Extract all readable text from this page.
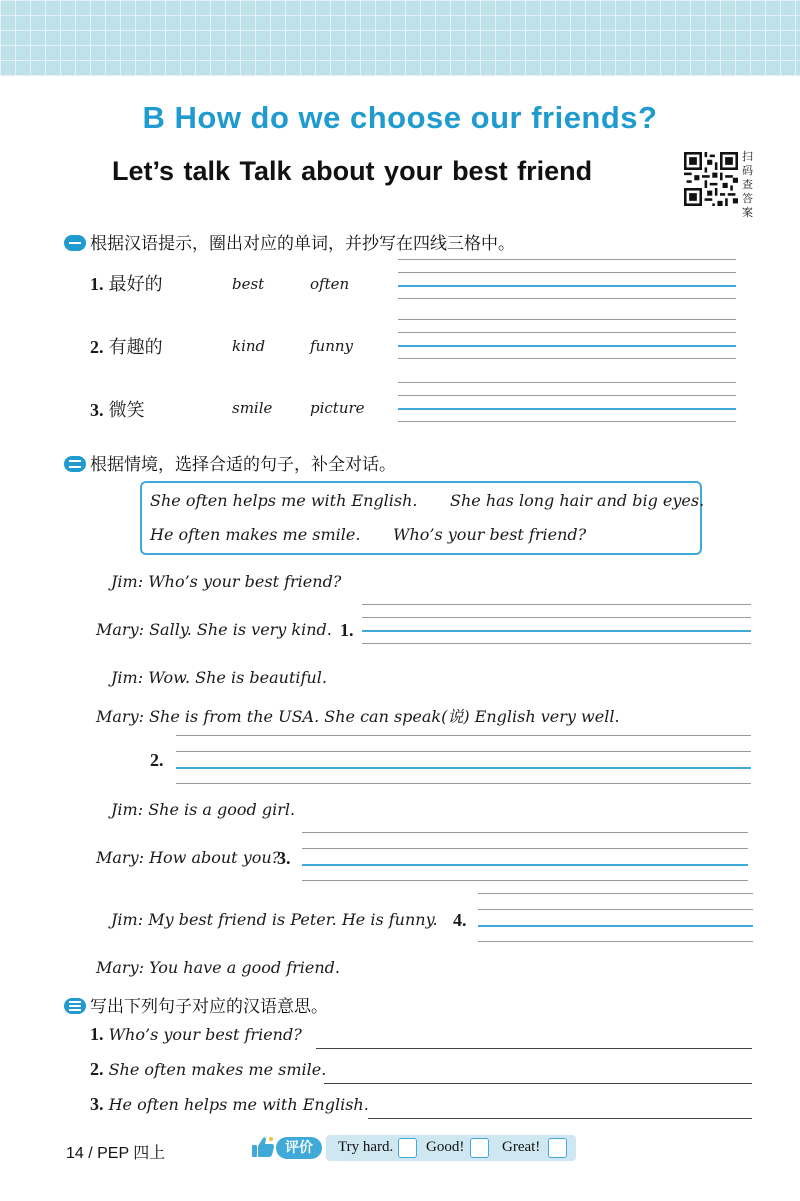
B How do we choose our friends?
Let’s talk Talk about your best friend	扫码查答案
根据汉语提示，圈出对应的单词，并抄写在四线三格中。
1. 最好的	best	often
2. 有趣的	kind	funny
3. 微笑	smile	picture
根据情境，选择合适的句子，补全对话。
She often helps me with English. She has long hair and big eyes.
He often makes me smile. Who’s your best friend?
Jim: Who’s your best friend?
Mary: Sally. She is very kind. 1.
Jim: Wow. She is beautiful.
Mary: She is from the USA. She can speak(说) English very well.
2.
Jim: She is a good girl.
Mary: How about you?
3.
Jim: My best friend is Peter. He is funny. 4.
Mary: You have a good friend.
写出下列句子对应的汉语意思。
1. Who’s your best friend?
2. She often makes me smile.
3. He often helps me with English.
14 / PEP 四上	评价	Try hard. Good!	Great!
